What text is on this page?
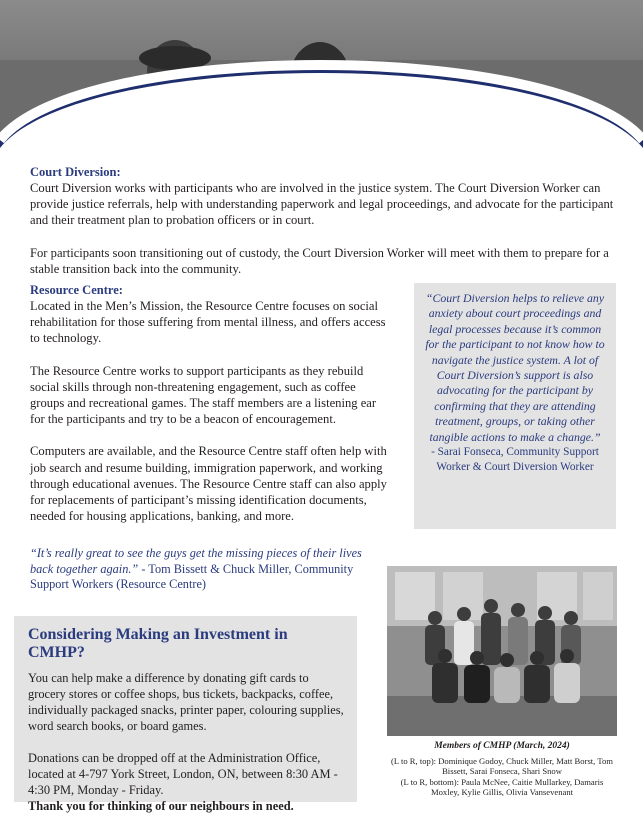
Court Diversion:

Court Diversion works with participants who are involved in the justice system. The Court Diversion Worker can provide justice referrals, help with understanding paperwork and legal proceedings, and advocate for the participant and their treatment plan to probation officers or in court.

For participants soon transitioning out of custody, the Court Diversion Worker will meet with them to prepare for a stable transition back into the community.

Resource Centre:

Located in the Men’s Mission, the Resource Centre focuses on social rehabilitation for those suffering from mental illness, and offers access to technology.

The Resource Centre works to support participants as they rebuild social skills through non-threatening engagement, such as coffee groups and recreational games. The staff members are a listening ear for the participants and try to be a beacon of encouragement.

Computers are available, and the Resource Centre staff often help with job search and resume building, immigration paperwork, and working through educational avenues. The Resource Centre staff can also apply for replacements of participant’s missing identification documents, needed for housing applications, banking, and more.

“It’s really great to see the guys get the missing pieces of their lives back together again.” - Tom Bissett & Chuck Miller, Community Support Workers (Resource Centre)

“Court Diversion helps to relieve any anxiety about court proceedings and legal processes because it’s common for the participant to not know how to navigate the justice system. A lot of Court Diversion’s support is also advocating for the participant by confirming that they are attending treatment, groups, or taking other tangible actions to make a change.”

- Sarai Fonseca, Community Support Worker & Court Diversion Worker

Considering Making an Investment in CMHP?

You can help make a difference by donating gift cards to grocery stores or coffee shops, bus tickets, backpacks, coffee, individually packaged snacks, printer paper, colouring supplies, word search books, or board games.

Donations can be dropped off at the Administration Office, located at 4-797 York Street, London, ON, between 8:30 AM - 4:30 PM, Monday - Friday.
Thank you for thinking of our neighbours in need.

Members of CMHP (March, 2024)
(L to R, top): Dominique Godoy, Chuck Miller, Matt Borst, Tom Bissett, Sarai Fonseca, Shari Snow
(L to R, bottom): Paula McNee, Caitie Mullarkey, Damaris Moxley, Kylie Gillis, Olivia Vansevenant
